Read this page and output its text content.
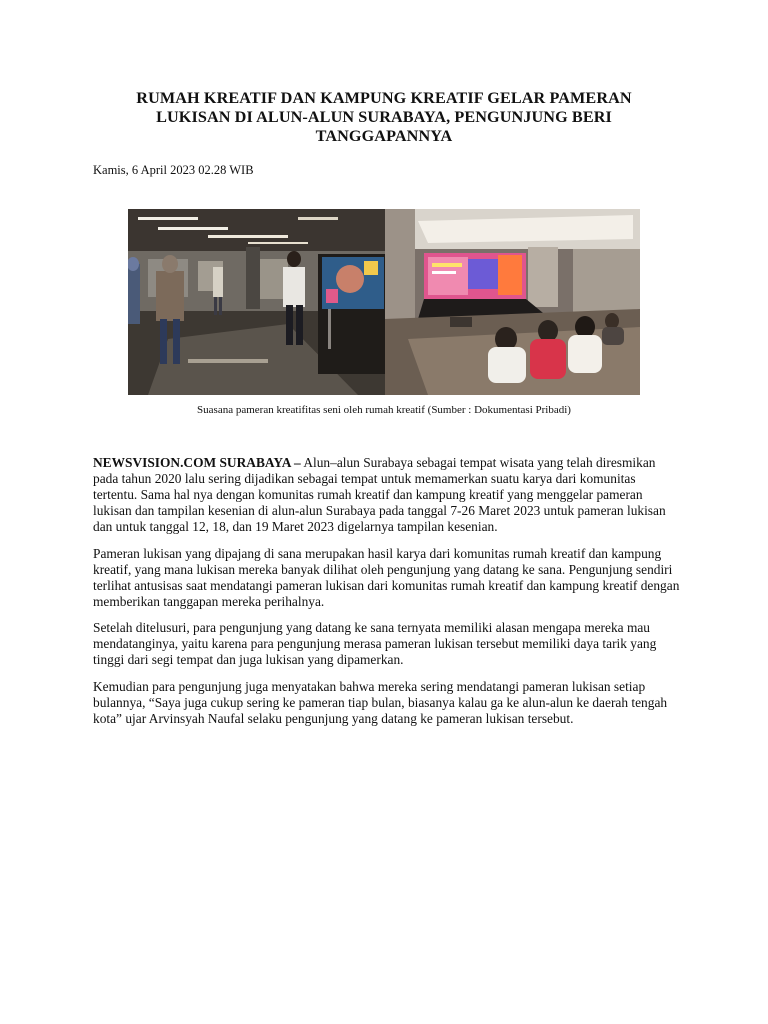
RUMAH KREATIF DAN KAMPUNG KREATIF GELAR PAMERAN LUKISAN DI ALUN-ALUN SURABAYA, PENGUNJUNG BERI TANGGAPANNYA
Kamis, 6 April 2023 02.28 WIB
Suasana pameran kreatifitas seni oleh rumah kreatif (Sumber : Dokumentasi Pribadi)

NEWSVISION.COM SURABAYA – Alun–alun Surabaya sebagai tempat wisata yang telah diresmikan pada tahun 2020 lalu sering dijadikan sebagai tempat untuk memamerkan suatu karya dari komunitas tertentu. Sama hal nya dengan komunitas rumah kreatif dan kampung kreatif yang menggelar pameran lukisan dan tampilan kesenian di alun-alun Surabaya pada tanggal 7-26 Maret 2023 untuk pameran lukisan dan untuk tanggal 12, 18, dan 19 Maret 2023 digelarnya tampilan kesenian.

Pameran lukisan yang dipajang di sana merupakan hasil karya dari komunitas rumah kreatif dan kampung kreatif, yang mana lukisan mereka banyak dilihat oleh pengunjung yang datang ke sana. Pengunjung sendiri terlihat antusisas saat mendatangi pameran lukisan dari komunitas rumah kreatif dan kampung kreatif dengan memberikan tanggapan mereka perihalnya.

Setelah ditelusuri, para pengunjung yang datang ke sana ternyata memiliki alasan mengapa mereka mau mendatanginya, yaitu karena para pengunjung merasa pameran lukisan tersebut memiliki daya tarik yang tinggi dari segi tempat dan juga lukisan yang dipamerkan.

Kemudian para pengunjung juga menyatakan bahwa mereka sering mendatangi pameran lukisan setiap bulannya, “Saya juga cukup sering ke pameran tiap bulan, biasanya kalau ga ke alun-alun ke daerah tengah kota” ujar Arvinsyah Naufal selaku pengunjung yang datang ke pameran lukisan tersebut.
